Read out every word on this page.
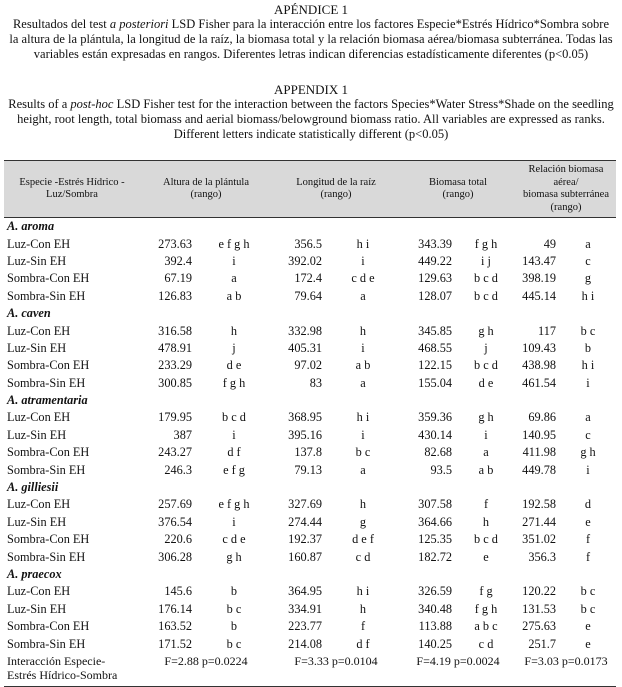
APÉNDICE 1
Resultados del test a posteriori LSD Fisher para la interacción entre los factores Especie*Estrés Hídrico*Sombra sobre
la altura de la plántula, la longitud de la raíz, la biomasa total y la relación biomasa aérea/biomasa subterránea. Todas las
variables están expresadas en rangos. Diferentes letras indican diferencias estadísticamente diferentes (p<0.05)
APPENDIX 1
Results of a post-hoc LSD Fisher test for the interaction between the factors Species*Water Stress*Shade on the seedling
height, root length, total biomass and aerial biomass/belowground biomass ratio. All variables are expressed as ranks.
Different letters indicate statistically different (p<0.05)
Especie -Estrés Hídrico -
Luz/Sombra	Altura de la plántula
(rango)		Longitud de la raíz
(rango)		Biomasa total
(rango)		Relación biomasa aérea/
biomasa subterránea (rango)	
A. aroma								
Luz-Con EH	273.63	e f g h	356.5	h i	343.39	f g h	49	a
Luz-Sin EH	392.4	i	392.02	i	449.22	i j	143.47	c
Sombra-Con EH	67.19	a	172.4	c d e	129.63	b c d	398.19	g
Sombra-Sin EH	126.83	a b	79.64	a	128.07	b c d	445.14	h i
A. caven								
Luz-Con EH	316.58	h	332.98	h	345.85	g h	117	b c
Luz-Sin EH	478.91	j	405.31	i	468.55	j	109.43	b
Sombra-Con EH	233.29	d e	97.02	a b	122.15	b c d	438.98	h i
Sombra-Sin EH	300.85	f g h	83	a	155.04	d e	461.54	i
A. atramentaria								
Luz-Con EH	179.95	b c d	368.95	h i	359.36	g h	69.86	a
Luz-Sin EH	387	i	395.16	i	430.14	i	140.95	c
Sombra-Con EH	243.27	d f	137.8	b c	82.68	a	411.98	g h
Sombra-Sin EH	246.3	e f g	79.13	a	93.5	a b	449.78	i
A. gilliesii								
Luz-Con EH	257.69	e f g h	327.69	h	307.58	f	192.58	d
Luz-Sin EH	376.54	i	274.44	g	364.66	h	271.44	e
Sombra-Con EH	220.6	c d e	192.37	d e f	125.35	b c d	351.02	f
Sombra-Sin EH	306.28	g h	160.87	c d	182.72	e	356.3	f
A. praecox								
Luz-Con EH	145.6	b	364.95	h i	326.59	f g	120.22	b c
Luz-Sin EH	176.14	b c	334.91	h	340.48	f g h	131.53	b c
Sombra-Con EH	163.52	b	223.77	f	113.88	a b c	275.63	e
Sombra-Sin EH	171.52	b c	214.08	d f	140.25	c d	251.7	e
Interacción Especie-
Estrés Hídrico-Sombra	F=2.88 p=0.0224		F=3.33 p=0.0104		F=4.19 p=0.0024		F=3.03 p=0.0173	
